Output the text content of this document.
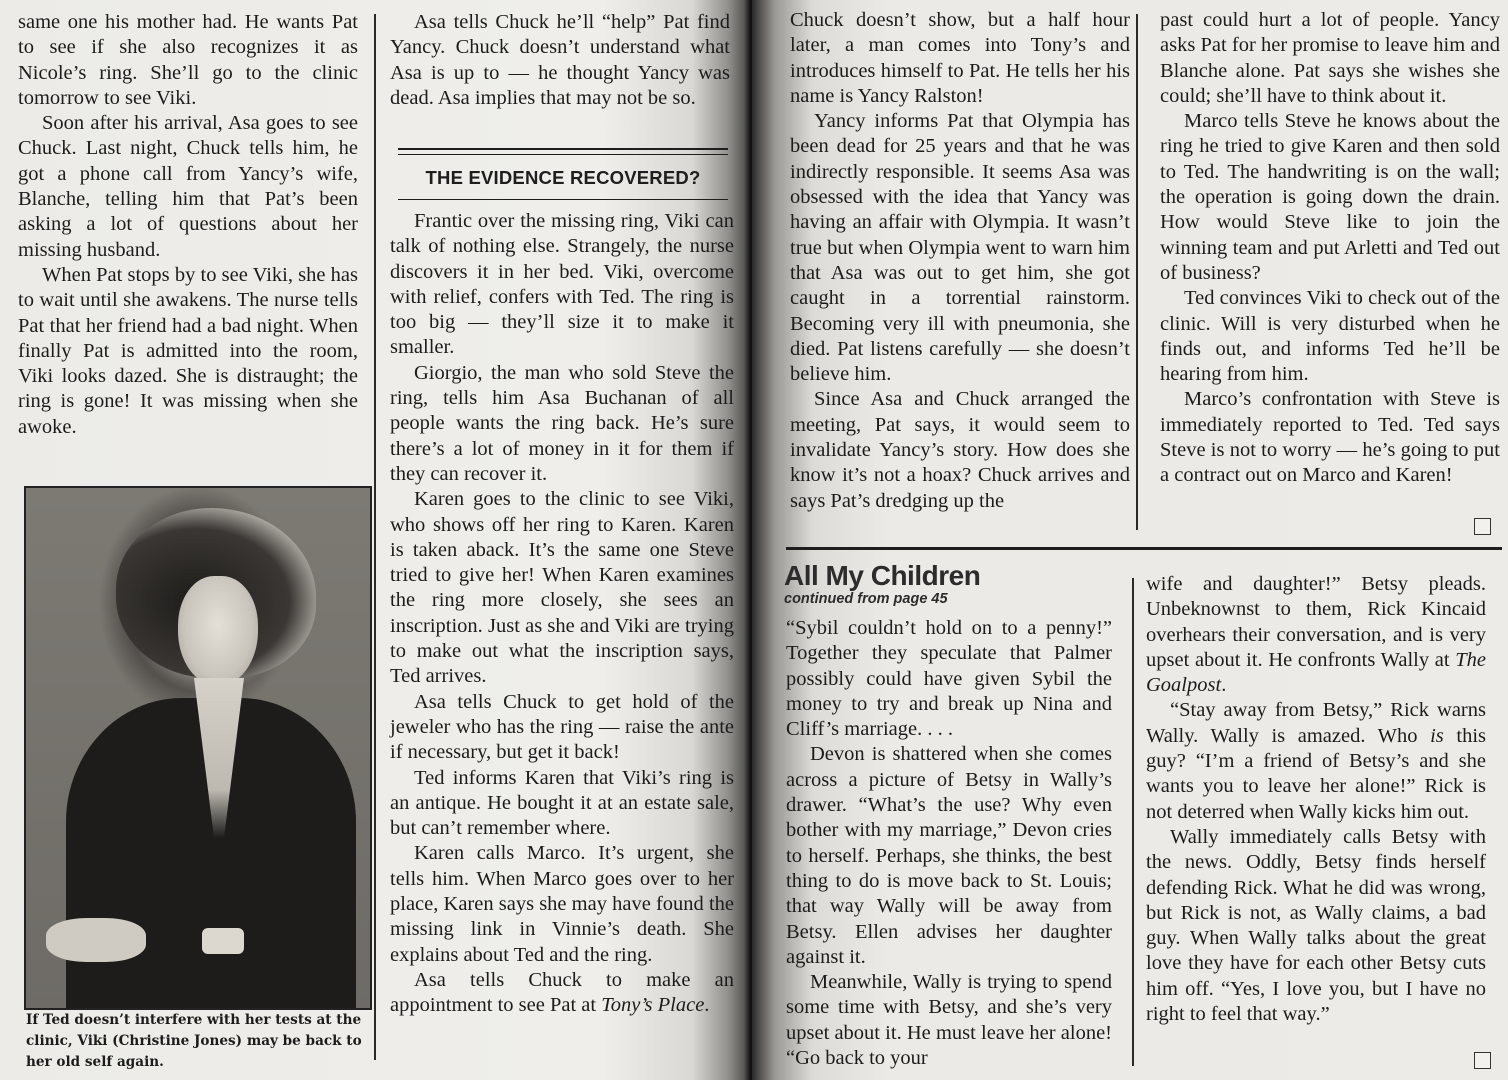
same one his mother had. He wants Pat to see if she also recognizes it as Nicole’s ring. She’ll go to the clinic tomorrow to see Viki.

Soon after his arrival, Asa goes to see Chuck. Last night, Chuck tells him, he got a phone call from Yancy’s wife, Blanche, telling him that Pat’s been asking a lot of questions about her missing husband.

When Pat stops by to see Viki, she has to wait until she awakens. The nurse tells Pat that her friend had a bad night. When finally Pat is admitted into the room, Viki looks dazed. She is distraught; the ring is gone! It was missing when she awoke.

If Ted doesn’t interfere with her tests at the clinic, Viki (Christine Jones) may be back to her old self again.

Asa tells Chuck he’ll “help” Pat find Yancy. Chuck doesn’t understand what Asa is up to — he thought Yancy was dead. Asa implies that may not be so.

THE EVIDENCE RECOVERED?

Frantic over the missing ring, Viki can talk of nothing else. Strangely, the nurse discovers it in her bed. Viki, overcome with relief, confers with Ted. The ring is too big — they’ll size it to make it smaller.

Giorgio, the man who sold Steve the ring, tells him Asa Buchanan of all people wants the ring back. He’s sure there’s a lot of money in it for them if they can recover it.

Karen goes to the clinic to see Viki, who shows off her ring to Karen. Karen is taken aback. It’s the same one Steve tried to give her! When Karen examines the ring more closely, she sees an inscription. Just as she and Viki are trying to make out what the inscription says, Ted arrives.

Asa tells Chuck to get hold of the jeweler who has the ring — raise the ante if necessary, but get it back!

Ted informs Karen that Viki’s ring is an antique. He bought it at an estate sale, but can’t remember where.

Karen calls Marco. It’s urgent, she tells him. When Marco goes over to her place, Karen says she may have found the missing link in Vinnie’s death. She explains about Ted and the ring.

Asa tells Chuck to make an appointment to see Pat at Tony’s Place.

Chuck doesn’t show, but a half hour later, a man comes into Tony’s and introduces himself to Pat. He tells her his name is Yancy Ralston!

Yancy informs Pat that Olympia has been dead for 25 years and that he was indirectly responsible. It seems Asa was obsessed with the idea that Yancy was having an affair with Olympia. It wasn’t true but when Olympia went to warn him that Asa was out to get him, she got caught in a torrential rainstorm. Becoming very ill with pneumonia, she died. Pat listens carefully — she doesn’t believe him.

Since Asa and Chuck arranged the meeting, Pat says, it would seem to invalidate Yancy’s story. How does she know it’s not a hoax? Chuck arrives and says Pat’s dredging up the

past could hurt a lot of people. Yancy asks Pat for her promise to leave him and Blanche alone. Pat says she wishes she could; she’ll have to think about it.

Marco tells Steve he knows about the ring he tried to give Karen and then sold to Ted. The handwriting is on the wall; the operation is going down the drain. How would Steve like to join the winning team and put Arletti and Ted out of business?

Ted convinces Viki to check out of the clinic. Will is very disturbed when he finds out, and informs Ted he’ll be hearing from him.

Marco’s confrontation with Steve is immediately reported to Ted. Ted says Steve is not to worry — he’s going to put a contract out on Marco and Karen!

All My Children
continued from page 45

“Sybil couldn’t hold on to a penny!” Together they speculate that Palmer possibly could have given Sybil the money to try and break up Nina and Cliff’s marriage. . . .

Devon is shattered when she comes across a picture of Betsy in Wally’s drawer. “What’s the use? Why even bother with my marriage,” Devon cries to herself. Perhaps, she thinks, the best thing to do is move back to St. Louis; that way Wally will be away from Betsy. Ellen advises her daughter against it.

Meanwhile, Wally is trying to spend some time with Betsy, and she’s very upset about it. He must leave her alone! “Go back to your

wife and daughter!” Betsy pleads. Unbeknownst to them, Rick Kincaid overhears their conversation, and is very upset about it. He confronts Wally at The Goalpost.

“Stay away from Betsy,” Rick warns Wally. Wally is amazed. Who is this guy? “I’m a friend of Betsy’s and she wants you to leave her alone!” Rick is not deterred when Wally kicks him out.

Wally immediately calls Betsy with the news. Oddly, Betsy finds herself defending Rick. What he did was wrong, but Rick is not, as Wally claims, a bad guy. When Wally talks about the great love they have for each other Betsy cuts him off. “Yes, I love you, but I have no right to feel that way.”
